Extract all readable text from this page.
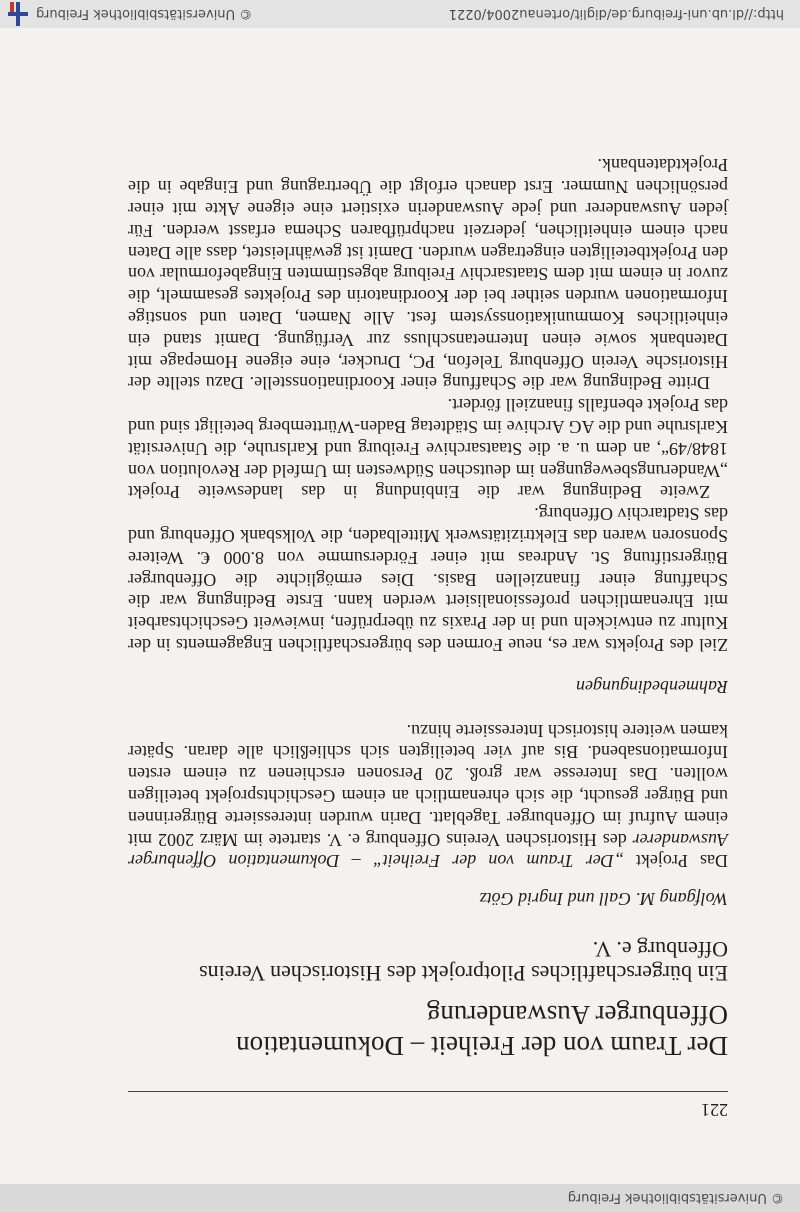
© Universitätsbibliothek Freiburg
221
Der Traum von der Freiheit – Dokumentation Offenburger Auswanderung
Ein bürgerschaftliches Pilotprojekt des Historischen Vereins Offenburg e. V.
Wolfgang M. Gall und Ingrid Götz

Das Projekt „Der Traum von der Freiheit“ – Dokumentation Offenburger Auswanderer des Historischen Vereins Offenburg e. V. startete im März 2002 mit einem Aufruf im Offenburger Tageblatt. Darin wurden interessierte Bürgerinnen und Bürger gesucht, die sich ehrenamtlich an einem Geschichtsprojekt beteiligen wollten. Das Interesse war groß. 20 Personen erschienen zu einem ersten Informationsabend. Bis auf vier beteiligten sich schließlich alle daran. Später kamen weitere historisch Interessierte hinzu.

Rahmenbedingungen

Ziel des Projekts war es, neue Formen des bürgerschaftlichen Engagements in der Kultur zu entwickeln und in der Praxis zu überprüfen, inwieweit Geschichtsarbeit mit Ehrenamtlichen professionalisiert werden kann. Erste Bedingung war die Schaffung einer finanziellen Basis. Dies ermöglichte die Offenburger Bürgerstiftung St. Andreas mit einer Fördersumme von 8.000 €. Weitere Sponsoren waren das Elektrizitätswerk Mittelbaden, die Volksbank Offenburg und das Stadtarchiv Offenburg.

Zweite Bedingung war die Einbindung in das landesweite Projekt „Wanderungsbewegungen im deutschen Südwesten im Umfeld der Revolution von 1848/49“, an dem u. a. die Staatsarchive Freiburg und Karlsruhe, die Universität Karlsruhe und die AG Archive im Städtetag Baden-Württemberg beteiligt sind und das Projekt ebenfalls finanziell fördert.

Dritte Bedingung war die Schaffung einer Koordinationsstelle. Dazu stellte der Historische Verein Offenburg Telefon, PC, Drucker, eine eigene Homepage mit Datenbank sowie einen Internetanschluss zur Verfügung. Damit stand ein einheitliches Kommunikationssystem fest. Alle Namen, Daten und sonstige Informationen wurden seither bei der Koordinatorin des Projektes gesammelt, die zuvor in einem mit dem Staatsarchiv Freiburg abgestimmten Eingabeformular von den Projektbeteiligten eingetragen wurden. Damit ist gewährleistet, dass alle Daten nach einem einheitlichen, jederzeit nachprüfbaren Schema erfasst werden. Für jeden Auswanderer und jede Auswanderin existiert eine eigene Akte mit einer persönlichen Nummer. Erst danach erfolgt die Übertragung und Eingabe in die Projektdatenbank.

http://dl.ub.uni-freiburg.de/diglit/ortenau2004/0221
© Universitätsbibliothek Freiburg
